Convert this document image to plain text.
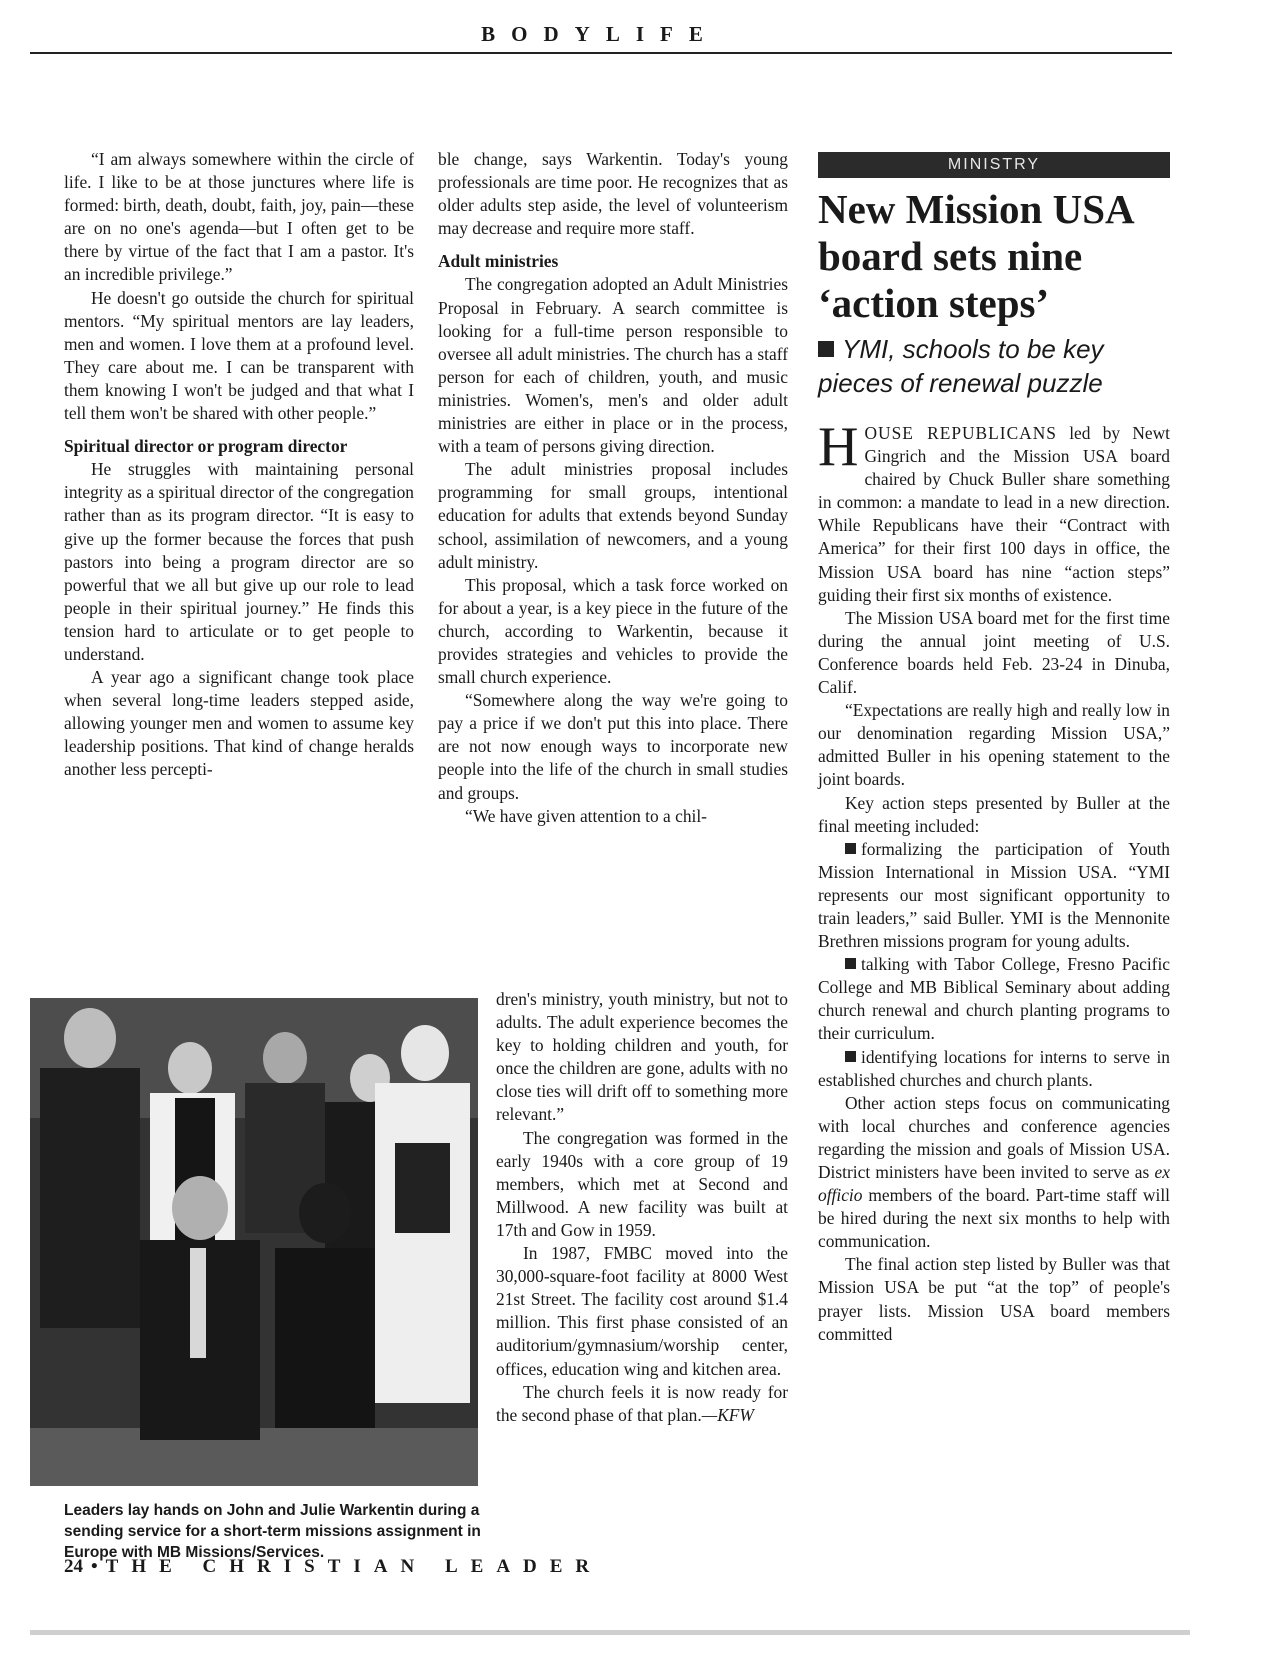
BODYLIFE

“I am always somewhere within the circle of life. I like to be at those junctures where life is formed: birth, death, doubt, faith, joy, pain—these are on no one's agenda—but I often get to be there by virtue of the fact that I am a pastor. It's an incredible privilege.”

He doesn't go outside the church for spiritual mentors. “My spiritual mentors are lay leaders, men and women. I love them at a profound level. They care about me. I can be transparent with them knowing I won't be judged and that what I tell them won't be shared with other people.”

Spiritual director or program director

He struggles with maintaining personal integrity as a spiritual director of the congregation rather than as its program director. “It is easy to give up the former because the forces that push pastors into being a program director are so powerful that we all but give up our role to lead people in their spiritual journey.” He finds this tension hard to articulate or to get people to understand.

A year ago a significant change took place when several long-time leaders stepped aside, allowing younger men and women to assume key leadership positions. That kind of change heralds another less percepti-

ble change, says Warkentin. Today's young professionals are time poor. He recognizes that as older adults step aside, the level of volunteerism may decrease and require more staff.

Adult ministries

The congregation adopted an Adult Ministries Proposal in February. A search committee is looking for a full-time person responsible to oversee all adult ministries. The church has a staff person for each of children, youth, and music ministries. Women's, men's and older adult ministries are either in place or in the process, with a team of persons giving direction.

The adult ministries proposal includes programming for small groups, intentional education for adults that extends beyond Sunday school, assimilation of newcomers, and a young adult ministry.

This proposal, which a task force worked on for about a year, is a key piece in the future of the church, according to Warkentin, because it provides strategies and vehicles to provide the small church experience.

“Somewhere along the way we're going to pay a price if we don't put this into place. There are not now enough ways to incorporate new people into the life of the church in small studies and groups.

“We have given attention to a chil-

dren's ministry, youth ministry, but not to adults. The adult experience becomes the key to holding children and youth, for once the children are gone, adults with no close ties will drift off to something more relevant.”

The congregation was formed in the early 1940s with a core group of 19 members, which met at Second and Millwood. A new facility was built at 17th and Gow in 1959.

In 1987, FMBC moved into the 30,000-square-foot facility at 8000 West 21st Street. The facility cost around $1.4 million. This first phase consisted of an auditorium/gymnasium/worship center, offices, education wing and kitchen area.

The church feels it is now ready for the second phase of that plan.—KFW

Leaders lay hands on John and Julie Warkentin during a sending service for a short-term missions assignment in Europe with MB Missions/Services.
MINISTRY
New Mission USA board sets nine ‘action steps’
YMI, schools to be key pieces of renewal puzzle

HOUSE REPUBLICANS led by Newt Gingrich and the Mission USA board chaired by Chuck Buller share something in common: a mandate to lead in a new direction. While Republicans have their “Contract with America” for their first 100 days in office, the Mission USA board has nine “action steps” guiding their first six months of existence.

The Mission USA board met for the first time during the annual joint meeting of U.S. Conference boards held Feb. 23-24 in Dinuba, Calif.

“Expectations are really high and really low in our denomination regarding Mission USA,” admitted Buller in his opening statement to the joint boards.

Key action steps presented by Buller at the final meeting included:

formalizing the participation of Youth Mission International in Mission USA. “YMI represents our most significant opportunity to train leaders,” said Buller. YMI is the Mennonite Brethren missions program for young adults.

talking with Tabor College, Fresno Pacific College and MB Biblical Seminary about adding church renewal and church planting programs to their curriculum.

identifying locations for interns to serve in established churches and church plants.

Other action steps focus on communicating with local churches and conference agencies regarding the mission and goals of Mission USA. District ministers have been invited to serve as ex officio members of the board. Part-time staff will be hired during the next six months to help with communication.

The final action step listed by Buller was that Mission USA be put “at the top” of people's prayer lists. Mission USA board members committed

24 • THE CHRISTIAN LEADER
